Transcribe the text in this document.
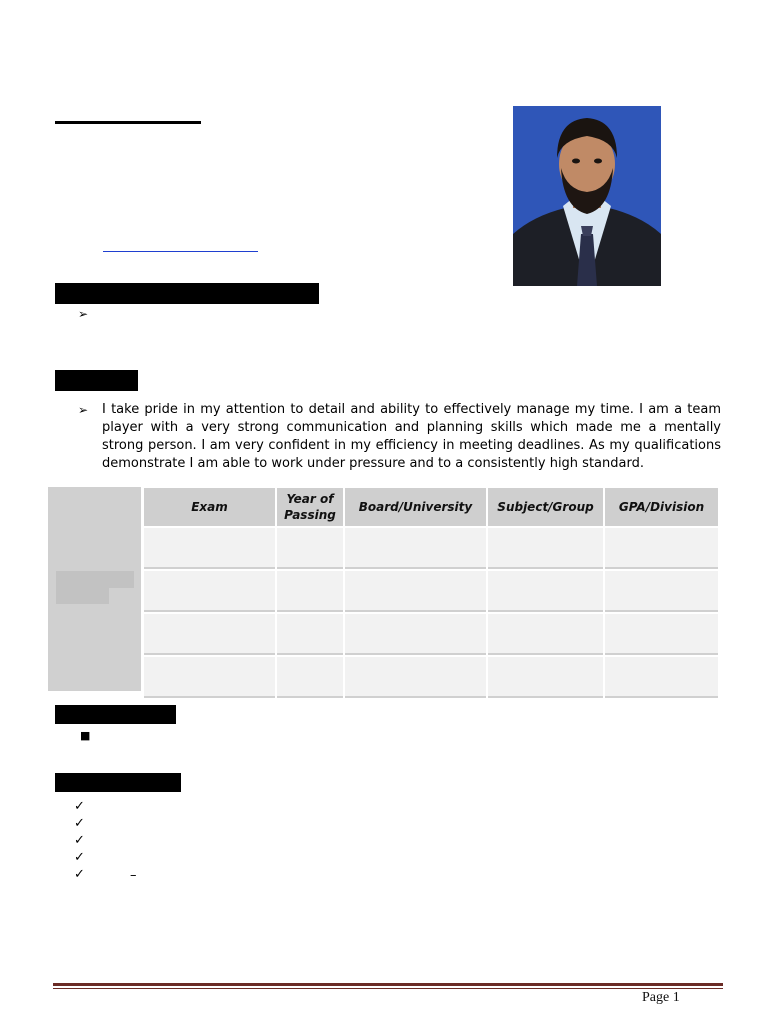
➢
➢ I take pride in my attention to detail and ability to effectively manage my time. I am a team player with a very strong communication and planning skills which made me a mentally strong person. I am very confident in my efficiency in meeting deadlines. As my qualifications demonstrate I am able to work under pressure and to a consistently high standard.
Exam	Year of Passing	Board/University	Subject/Group	GPA/Division

■
✓
✓
✓
✓
✓	–
Page 1
